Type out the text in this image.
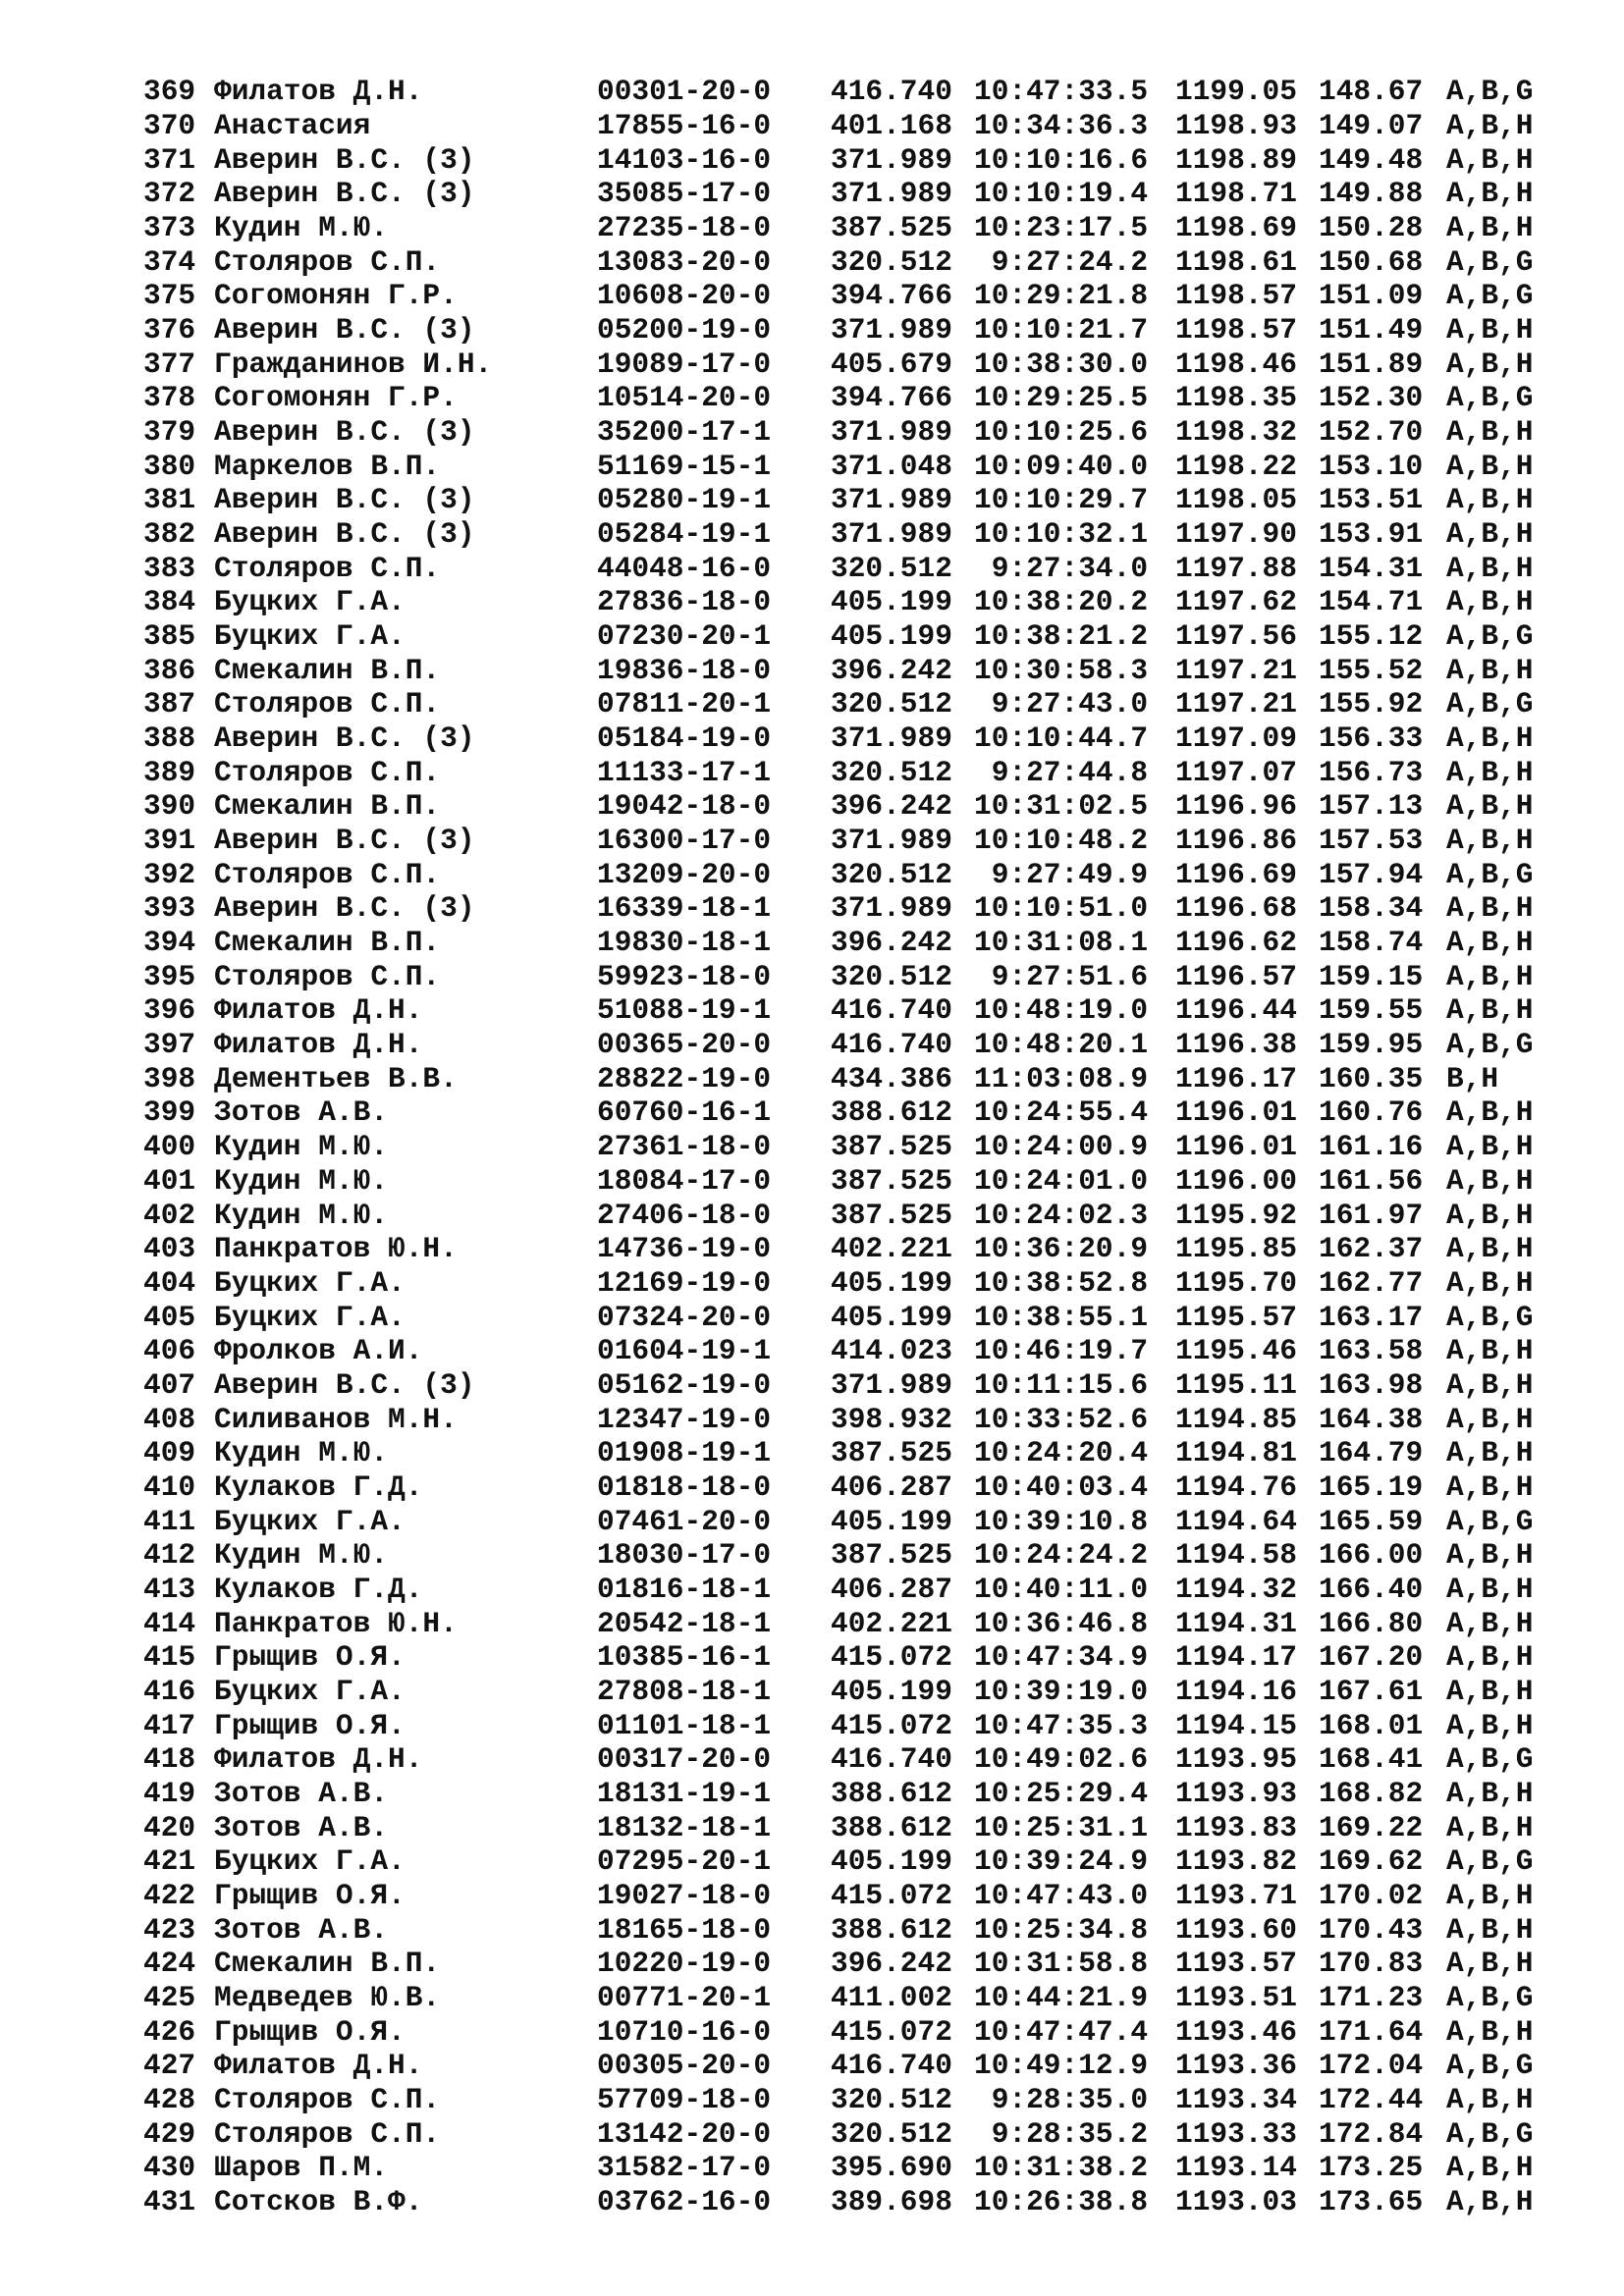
369 Филатов Д.Н.	00301-20-0	416.740 10:47:33.5 1199.05 148.67 A,B,G
370 Анастасия	17855-16-0	401.168 10:34:36.3 1198.93 149.07 A,B,H
371 Аверин В.С. (3)	14103-16-0	371.989 10:10:16.6 1198.89 149.48 A,B,H
372 Аверин В.С. (3)	35085-17-0	371.989 10:10:19.4 1198.71 149.88 A,B,H
373 Кудин М.Ю.	27235-18-0	387.525 10:23:17.5 1198.69 150.28 A,B,H
374 Столяров С.П.	13083-20-0	320.512 9:27:24.2 1198.61 150.68 A,B,G
375 Согомонян Г.Р.	10608-20-0	394.766 10:29:21.8 1198.57 151.09 A,B,G
376 Аверин В.С. (3)	05200-19-0	371.989 10:10:21.7 1198.57 151.49 A,B,H
377 Гражданинов И.Н.	19089-17-0	405.679 10:38:30.0 1198.46 151.89 A,B,H
378 Согомонян Г.Р.	10514-20-0	394.766 10:29:25.5 1198.35 152.30 A,B,G
379 Аверин В.С. (3)	35200-17-1	371.989 10:10:25.6 1198.32 152.70 A,B,H
380 Маркелов В.П.	51169-15-1	371.048 10:09:40.0 1198.22 153.10 A,B,H
381 Аверин В.С. (3)	05280-19-1	371.989 10:10:29.7 1198.05 153.51 A,B,H
382 Аверин В.С. (3)	05284-19-1	371.989 10:10:32.1 1197.90 153.91 A,B,H
383 Столяров С.П.	44048-16-0	320.512 9:27:34.0 1197.88 154.31 A,B,H
384 Буцких Г.А.	27836-18-0	405.199 10:38:20.2 1197.62 154.71 A,B,H
385 Буцких Г.А.	07230-20-1	405.199 10:38:21.2 1197.56 155.12 A,B,G
386 Смекалин В.П.	19836-18-0	396.242 10:30:58.3 1197.21 155.52 A,B,H
387 Столяров С.П.	07811-20-1	320.512 9:27:43.0 1197.21 155.92 A,B,G
388 Аверин В.С. (3)	05184-19-0	371.989 10:10:44.7 1197.09 156.33 A,B,H
389 Столяров С.П.	11133-17-1	320.512 9:27:44.8 1197.07 156.73 A,B,H
390 Смекалин В.П.	19042-18-0	396.242 10:31:02.5 1196.96 157.13 A,B,H
391 Аверин В.С. (3)	16300-17-0	371.989 10:10:48.2 1196.86 157.53 A,B,H
392 Столяров С.П.	13209-20-0	320.512 9:27:49.9 1196.69 157.94 A,B,G
393 Аверин В.С. (3)	16339-18-1	371.989 10:10:51.0 1196.68 158.34 A,B,H
394 Смекалин В.П.	19830-18-1	396.242 10:31:08.1 1196.62 158.74 A,B,H
395 Столяров С.П.	59923-18-0	320.512 9:27:51.6 1196.57 159.15 A,B,H
396 Филатов Д.Н.	51088-19-1	416.740 10:48:19.0 1196.44 159.55 A,B,H
397 Филатов Д.Н.	00365-20-0	416.740 10:48:20.1 1196.38 159.95 A,B,G
398 Дементьев В.В.	28822-19-0	434.386 11:03:08.9 1196.17 160.35 B,H
399 Зотов А.В.	60760-16-1	388.612 10:24:55.4 1196.01 160.76 A,B,H
400 Кудин М.Ю.	27361-18-0	387.525 10:24:00.9 1196.01 161.16 A,B,H
401 Кудин М.Ю.	18084-17-0	387.525 10:24:01.0 1196.00 161.56 A,B,H
402 Кудин М.Ю.	27406-18-0	387.525 10:24:02.3 1195.92 161.97 A,B,H
403 Панкратов Ю.Н.	14736-19-0	402.221 10:36:20.9 1195.85 162.37 A,B,H
404 Буцких Г.А.	12169-19-0	405.199 10:38:52.8 1195.70 162.77 A,B,H
405 Буцких Г.А.	07324-20-0	405.199 10:38:55.1 1195.57 163.17 A,B,G
406 Фролков А.И.	01604-19-1	414.023 10:46:19.7 1195.46 163.58 A,B,H
407 Аверин В.С. (3)	05162-19-0	371.989 10:11:15.6 1195.11 163.98 A,B,H
408 Силиванов М.Н.	12347-19-0	398.932 10:33:52.6 1194.85 164.38 A,B,H
409 Кудин М.Ю.	01908-19-1	387.525 10:24:20.4 1194.81 164.79 A,B,H
410 Кулаков Г.Д.	01818-18-0	406.287 10:40:03.4 1194.76 165.19 A,B,H
411 Буцких Г.А.	07461-20-0	405.199 10:39:10.8 1194.64 165.59 A,B,G
412 Кудин М.Ю.	18030-17-0	387.525 10:24:24.2 1194.58 166.00 A,B,H
413 Кулаков Г.Д.	01816-18-1	406.287 10:40:11.0 1194.32 166.40 A,B,H
414 Панкратов Ю.Н.	20542-18-1	402.221 10:36:46.8 1194.31 166.80 A,B,H
415 Грыщив О.Я.	10385-16-1	415.072 10:47:34.9 1194.17 167.20 A,B,H
416 Буцких Г.А.	27808-18-1	405.199 10:39:19.0 1194.16 167.61 A,B,H
417 Грыщив О.Я.	01101-18-1	415.072 10:47:35.3 1194.15 168.01 A,B,H
418 Филатов Д.Н.	00317-20-0	416.740 10:49:02.6 1193.95 168.41 A,B,G
419 Зотов А.В.	18131-19-1	388.612 10:25:29.4 1193.93 168.82 A,B,H
420 Зотов А.В.	18132-18-1	388.612 10:25:31.1 1193.83 169.22 A,B,H
421 Буцких Г.А.	07295-20-1	405.199 10:39:24.9 1193.82 169.62 A,B,G
422 Грыщив О.Я.	19027-18-0	415.072 10:47:43.0 1193.71 170.02 A,B,H
423 Зотов А.В.	18165-18-0	388.612 10:25:34.8 1193.60 170.43 A,B,H
424 Смекалин В.П.	10220-19-0	396.242 10:31:58.8 1193.57 170.83 A,B,H
425 Медведев Ю.В.	00771-20-1	411.002 10:44:21.9 1193.51 171.23 A,B,G
426 Грыщив О.Я.	10710-16-0	415.072 10:47:47.4 1193.46 171.64 A,B,H
427 Филатов Д.Н.	00305-20-0	416.740 10:49:12.9 1193.36 172.04 A,B,G
428 Столяров С.П.	57709-18-0	320.512 9:28:35.0 1193.34 172.44 A,B,H
429 Столяров С.П.	13142-20-0	320.512 9:28:35.2 1193.33 172.84 A,B,G
430 Шаров П.М.	31582-17-0	395.690 10:31:38.2 1193.14 173.25 A,B,H
431 Сотсков В.Ф.	03762-16-0	389.698 10:26:38.8 1193.03 173.65 A,B,H
